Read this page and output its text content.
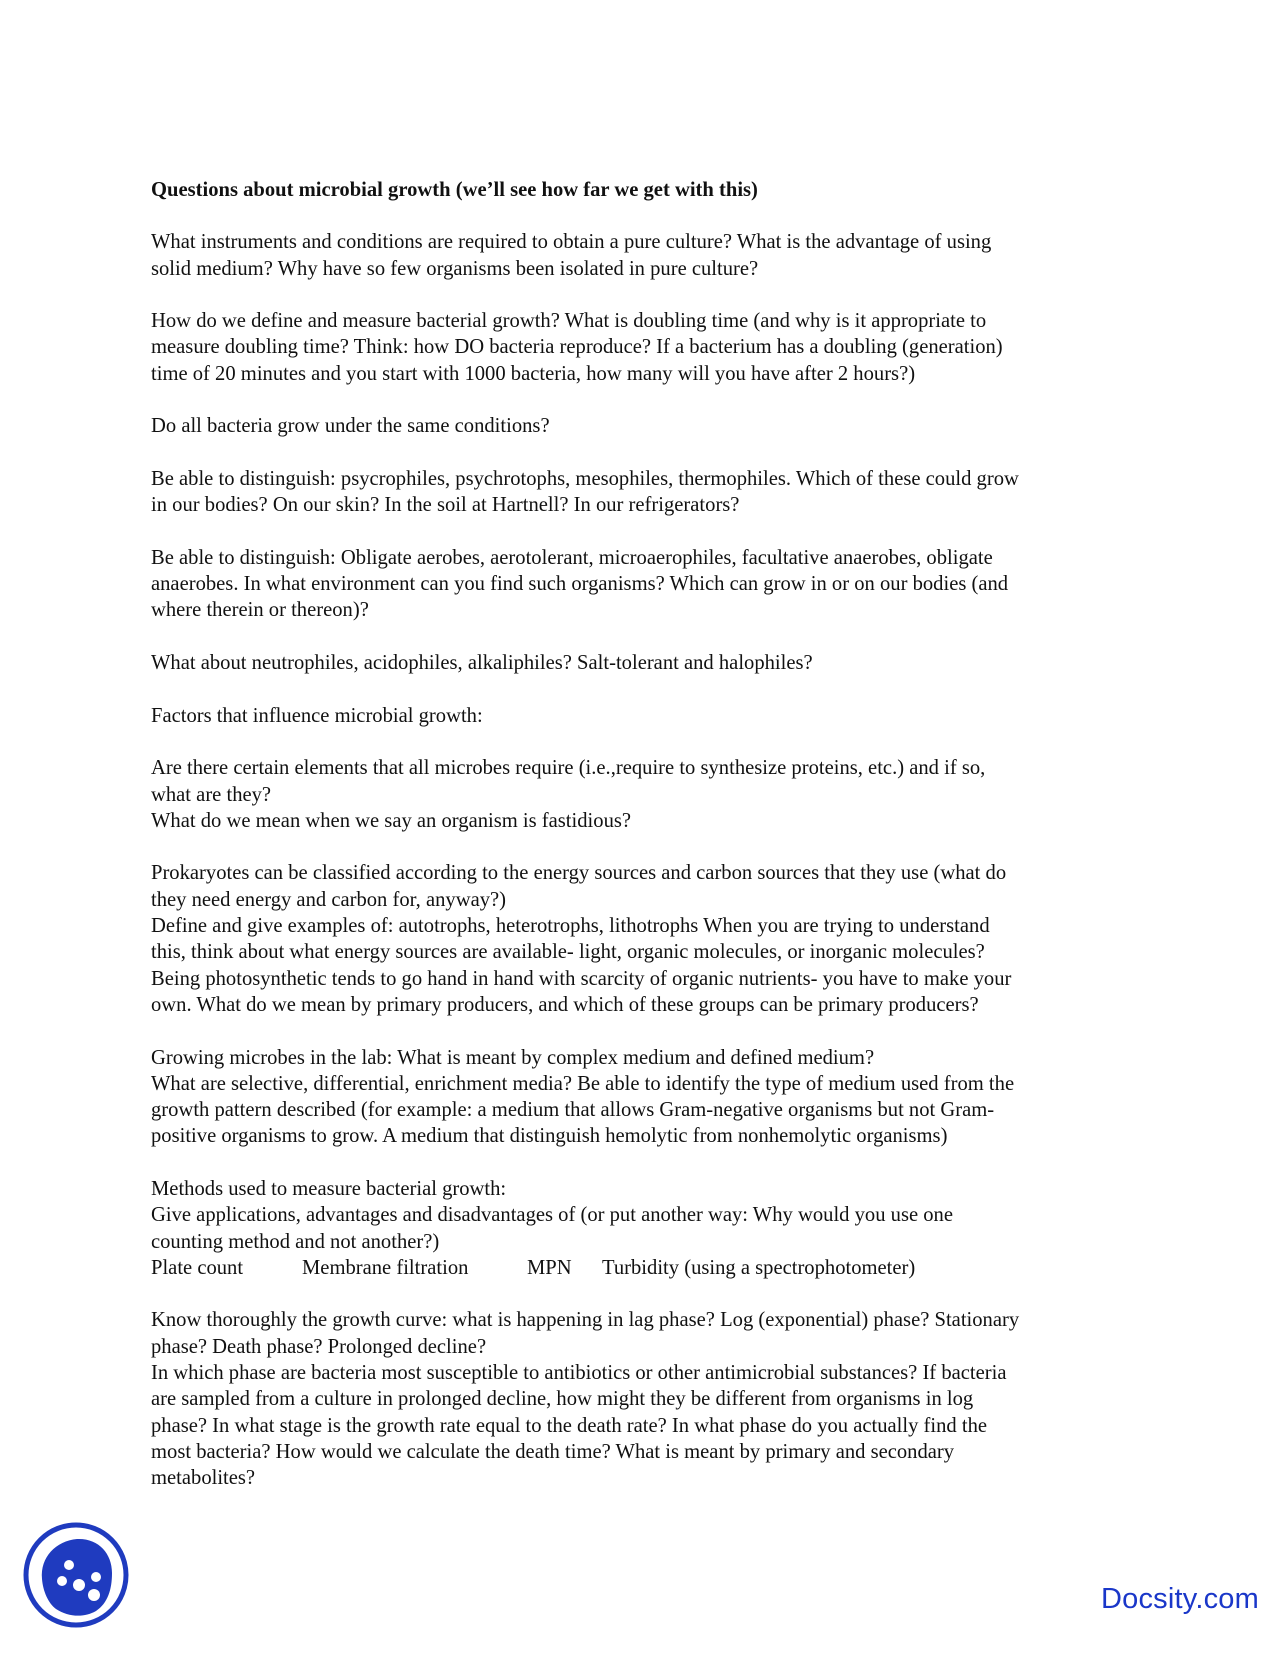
Questions about microbial growth (we’ll see how far we get with this)
What instruments and conditions are required to obtain a pure culture? What is the advantage of using
solid medium? Why have so few organisms been isolated in pure culture?
How do we define and measure bacterial growth? What is doubling time (and why is it appropriate to
measure doubling time? Think: how DO bacteria reproduce? If a bacterium has a doubling (generation)
time of 20 minutes and you start with 1000 bacteria, how many will you have after 2 hours?)
Do all bacteria grow under the same conditions?
Be able to distinguish: psycrophiles, psychrotophs, mesophiles, thermophiles. Which of these could grow
in our bodies? On our skin? In the soil at Hartnell? In our refrigerators?
Be able to distinguish: Obligate aerobes, aerotolerant, microaerophiles, facultative anaerobes, obligate
anaerobes. In what environment can you find such organisms? Which can grow in or on our bodies (and
where therein or thereon)?
What about neutrophiles, acidophiles, alkaliphiles? Salt-tolerant and halophiles?
Factors that influence microbial growth:
Are there certain elements that all microbes require (i.e.,require to synthesize proteins, etc.) and if so,
what are they?
What do we mean when we say an organism is fastidious?
Prokaryotes can be classified according to the energy sources and carbon sources that they use (what do
they need energy and carbon for, anyway?)
Define and give examples of: autotrophs, heterotrophs, lithotrophs When you are trying to understand
this, think about what energy sources are available- light, organic molecules, or inorganic molecules?
Being photosynthetic tends to go hand in hand with scarcity of organic nutrients- you have to make your
own. What do we mean by primary producers, and which of these groups can be primary producers?
Growing microbes in the lab: What is meant by complex medium and defined medium?
What are selective, differential, enrichment media? Be able to identify the type of medium used from the
growth pattern described (for example: a medium that allows Gram-negative organisms but not Gram-
positive organisms to grow. A medium that distinguish hemolytic from nonhemolytic organisms)
Methods used to measure bacterial growth:
Give applications, advantages and disadvantages of (or put another way: Why would you use one
counting method and not another?)
Plate count	Membrane filtration	MPN Turbidity (using a spectrophotometer)
Know thoroughly the growth curve: what is happening in lag phase? Log (exponential) phase? Stationary
phase? Death phase? Prolonged decline?
In which phase are bacteria most susceptible to antibiotics or other antimicrobial substances? If bacteria
are sampled from a culture in prolonged decline, how might they be different from organisms in log
phase? In what stage is the growth rate equal to the death rate? In what phase do you actually find the
most bacteria? How would we calculate the death time? What is meant by primary and secondary
metabolites?
Docsity.com
